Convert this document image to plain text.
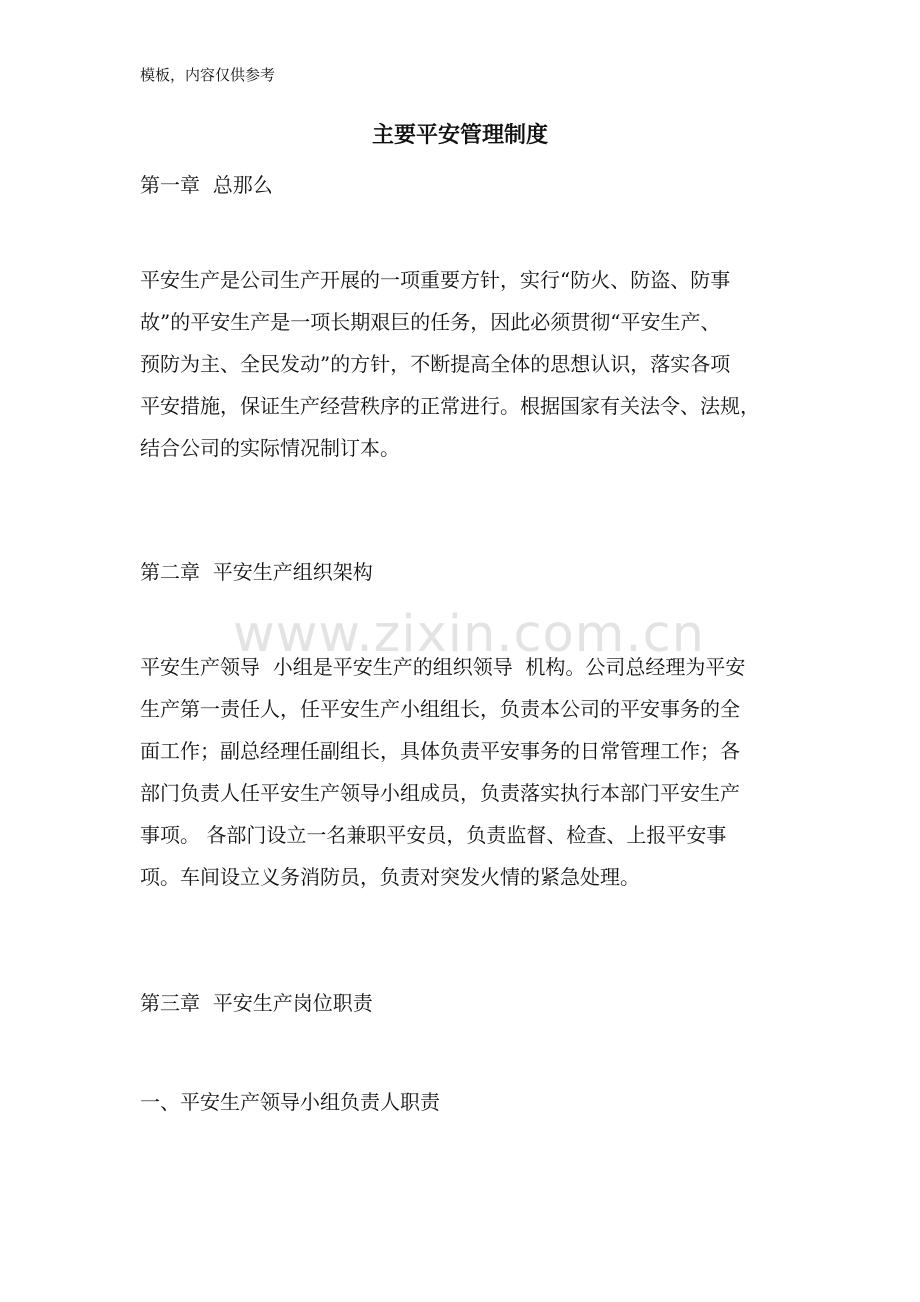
www.zixin.com.cn
模板，内容仅供参考
主要平安管理制度
第一章  总那么
平安生产是公司生产开展的一项重要方针，实行“防火、防盗、防事
故”的平安生产是一项长期艰巨的任务，因此必须贯彻“平安生产、
预防为主、全民发动”的方针，不断提高全体的思想认识，落实各项
平安措施，保证生产经营秩序的正常进行。根据国家有关法令、法规，
结合公司的实际情况制订本。
第二章  平安生产组织架构
平安生产领导  小组是平安生产的组织领导  机构。公司总经理为平安
生产第一责任人，任平安生产小组组长，负责本公司的平安事务的全
面工作；副总经理任副组长，具体负责平安事务的日常管理工作；各
部门负责人任平安生产领导小组成员，负责落实执行本部门平安生产
事项。 各部门设立一名兼职平安员，负责监督、检查、上报平安事
项。车间设立义务消防员，负责对突发火情的紧急处理。
第三章  平安生产岗位职责
一、平安生产领导小组负责人职责
